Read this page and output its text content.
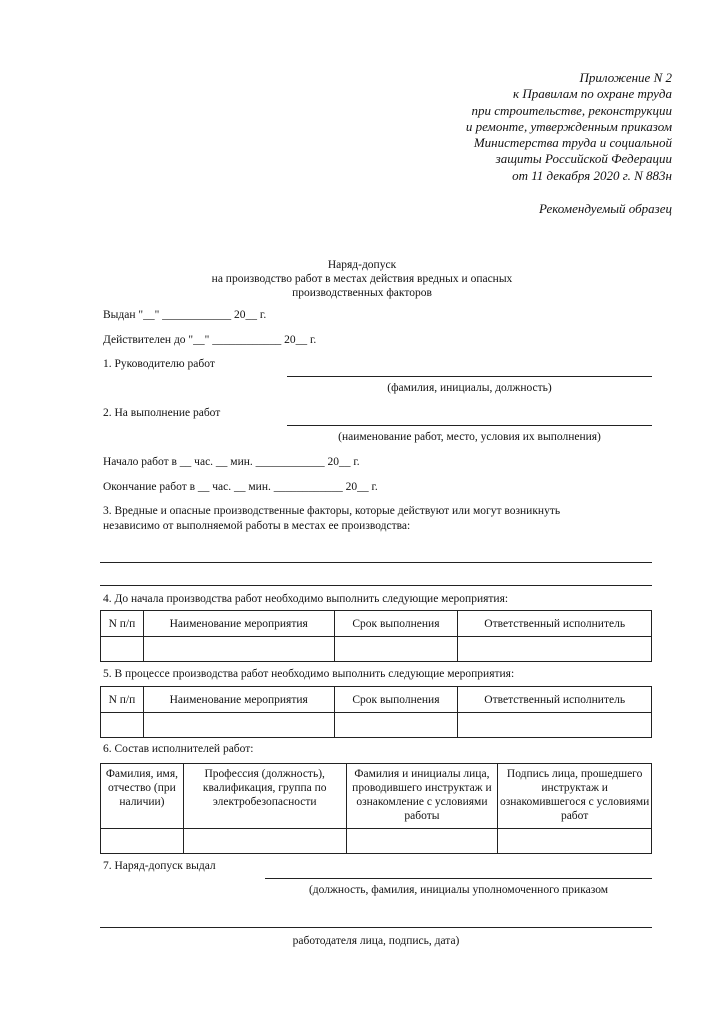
Приложение N 2
к Правилам по охране труда
при строительстве, реконструкции
и ремонте, утвержденным приказом
Министерства труда и социальной
защиты Российской Федерации
от 11 декабря 2020 г. N 883н
Рекомендуемый образец
Наряд-допуск
на производство работ в местах действия вредных и опасных
производственных факторов
Выдан "__" ____________ 20__ г.
Действителен до "__" ____________ 20__ г.
1. Руководителю работ
(фамилия, инициалы, должность)
2. На выполнение работ
(наименование работ, место, условия их выполнения)
Начало работ в __ час. __ мин. ____________ 20__ г.
Окончание работ в __ час. __ мин. ____________ 20__ г.
3. Вредные и опасные производственные факторы, которые действуют или могут возникнуть
независимо от выполняемой работы в местах ее производства:
4. До начала производства работ необходимо выполнить следующие мероприятия:
N п/п	Наименование мероприятия	Срок выполнения	Ответственный исполнитель

5. В процессе производства работ необходимо выполнить следующие мероприятия:
N п/п	Наименование мероприятия	Срок выполнения	Ответственный исполнитель

6. Состав исполнителей работ:
Фамилия, имя, отчество (при наличии)	Профессия (должность), квалификация, группа по электробезопасности	Фамилия и инициалы лица, проводившего инструктаж и ознакомление с условиями работы	Подпись лица, прошедшего инструктаж и ознакомившегося с условиями работ

7. Наряд-допуск выдал
(должность, фамилия, инициалы уполномоченного приказом
работодателя лица, подпись, дата)
